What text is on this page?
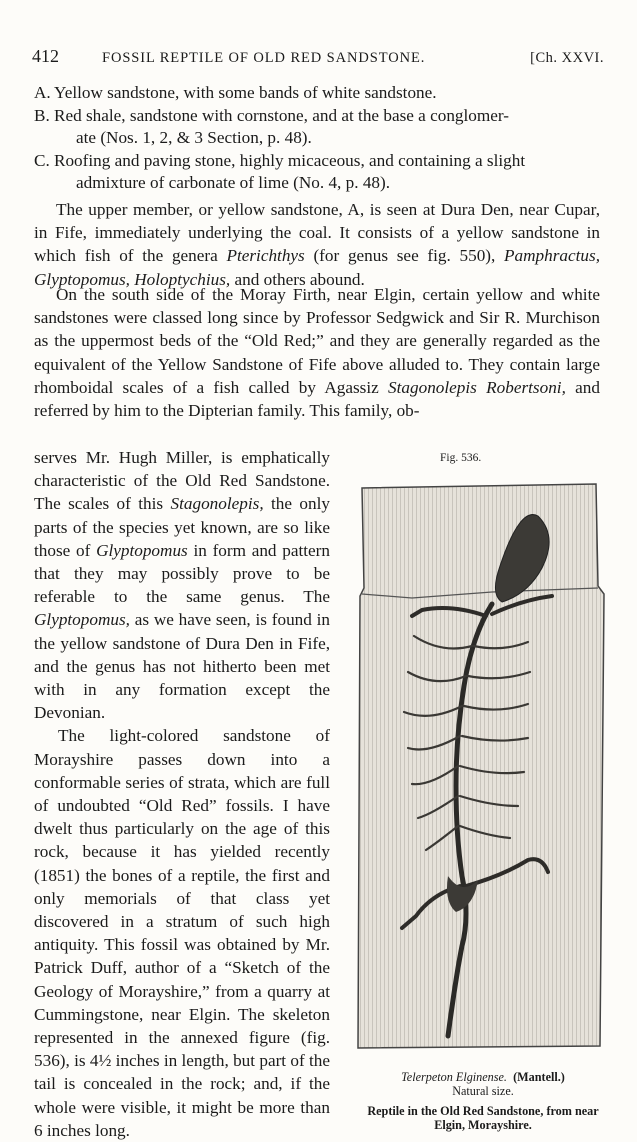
412	FOSSIL REPTILE OF OLD RED SANDSTONE.	[Ch. XXVI.
A. Yellow sandstone, with some bands of white sandstone.
B. Red shale, sandstone with cornstone, and at the base a conglomer-
ate (Nos. 1, 2, & 3 Section, p. 48).
C. Roofing and paving stone, highly micaceous, and containing a slight
admixture of carbonate of lime (No. 4, p. 48).

The upper member, or yellow sandstone, A, is seen at Dura Den, near Cupar, in Fife, immediately underlying the coal. It consists of a yellow sandstone in which fish of the genera Pterichthys (for genus see fig. 550), Pamphractus, Glyptopomus, Holoptychius, and others abound.

On the south side of the Moray Firth, near Elgin, certain yellow and white sandstones were classed long since by Professor Sedgwick and Sir R. Murchison as the uppermost beds of the “Old Red;” and they are generally regarded as the equivalent of the Yellow Sandstone of Fife above alluded to. They contain large rhomboidal scales of a fish called by Agassiz Stagonolepis Robertsoni, and referred by him to the Dipterian family. This family, ob-

serves Mr. Hugh Miller, is emphatically characteristic of the Old Red Sandstone. The scales of this Stagonolepis, the only parts of the species yet known, are so like those of Glyptopomus in form and pattern that they may possibly prove to be referable to the same genus. The Glyptopomus, as we have seen, is found in the yellow sandstone of Dura Den in Fife, and the genus has not hitherto been met with in any formation except the Devonian.

The light-colored sandstone of Morayshire passes down into a conformable series of strata, which are full of undoubted “Old Red” fossils. I have dwelt thus particularly on the age of this rock, because it has yielded recently (1851) the bones of a reptile, the first and only memorials of that class yet discovered in a stratum of such high antiquity. This fossil was obtained by Mr. Patrick Duff, author of a “Sketch of the Geology of Morayshire,” from a quarry at Cummingstone, near Elgin. The skeleton represented in the annexed figure (fig. 536), is 4½ inches in length, but part of the tail is concealed in the rock; and, if the whole were visible, it might be more than 6 inches long.

Fig. 536.
Telerpeton Elginense. (Mantell.)
Natural size.
Reptile in the Old Red Sandstone, from near Elgin, Morayshire.
